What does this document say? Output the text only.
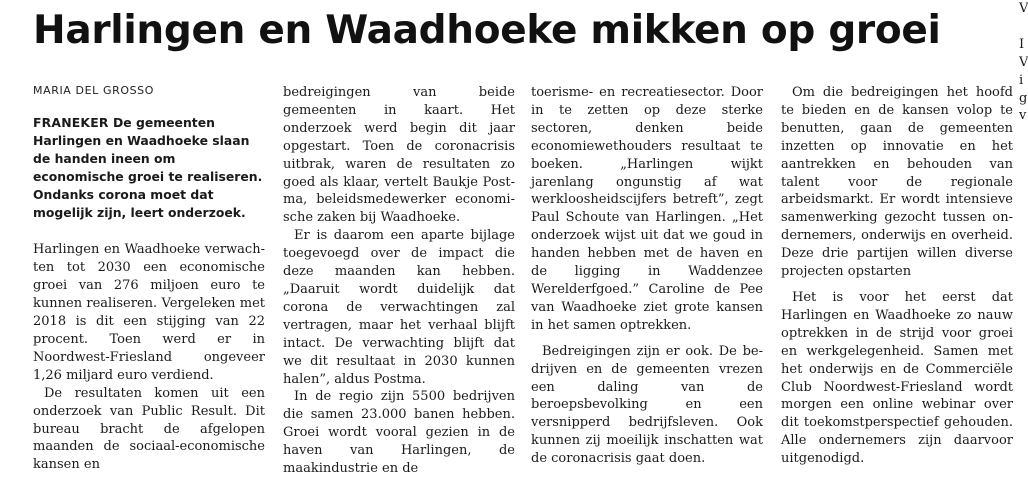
Harlingen en Waadhoeke mikken op groei
MARIA DEL GROSSO

FRANEKER De gemeenten Harlingen en Waadhoeke slaan de handen ineen om economische groei te realiseren. Ondanks corona moet dat mogelijk zijn, leert onderzoek.

Harlingen en Waadhoeke verwachten tot 2030 een economische groei van 276 miljoen euro te kunnen realiseren. Vergeleken met 2018 is dit een stijging van 22 procent. Toen werd er in Noordwest-Friesland ongeveer 1,26 miljard euro verdiend.

De resultaten komen uit een onderzoek van Public Result. Dit bureau bracht de afgelopen maanden de sociaal-economische kansen en

bedreigingen van beide gemeenten in kaart. Het onderzoek werd begin dit jaar opgestart. Toen de coronacrisis uitbrak, waren de resultaten zo goed als klaar, vertelt Baukje Postma, beleidsmedewerker economische zaken bij Waadhoeke.

Er is daarom een aparte bijlage toegevoegd over de impact die deze maanden kan hebben. „Daaruit wordt duidelijk dat corona de verwachtingen zal vertragen, maar het verhaal blijft intact. De verwachting blijft dat we dit resultaat in 2030 kunnen halen”, aldus Postma.

In de regio zijn 5500 bedrijven die samen 23.000 banen hebben. Groei wordt vooral gezien in de haven van Harlingen, de maakindustrie en de

toerisme- en recreatiesector. Door in te zetten op deze sterke sectoren, denken beide economiewethouders resultaat te boeken. „Harlingen wijkt jarenlang ongunstig af wat werkloosheidscijfers betreft”, zegt Paul Schoute van Harlingen. „Het onderzoek wijst uit dat we goud in handen hebben met de haven en de ligging in Waddenzee Werelderfgoed.” Caroline de Pee van Waadhoeke ziet grote kansen in het samen optrekken.

Bedreigingen zijn er ook. De bedrijven en de gemeenten vrezen een daling van de beroepsbevolking en een versnipperd bedrijfsleven. Ook kunnen zij moeilijk inschatten wat de coronacrisis gaat doen.

Om die bedreigingen het hoofd te bieden en de kansen volop te benutten, gaan de gemeenten inzetten op innovatie en het aantrekken en behouden van talent voor de regionale arbeidsmarkt. Er wordt intensieve samenwerking gezocht tussen ondernemers, onderwijs en overheid. Deze drie partijen willen diverse projecten opstarten

Het is voor het eerst dat Harlingen en Waadhoeke zo nauw optrekken in de strijd voor groei en werkgelegenheid. Samen met het onderwijs en de Commerciële Club Noordwest-Friesland wordt morgen een online webinar over dit toekomstperspectief gehouden. Alle ondernemers zijn daarvoor uitgenodigd.

V

I
V
i
g
v
